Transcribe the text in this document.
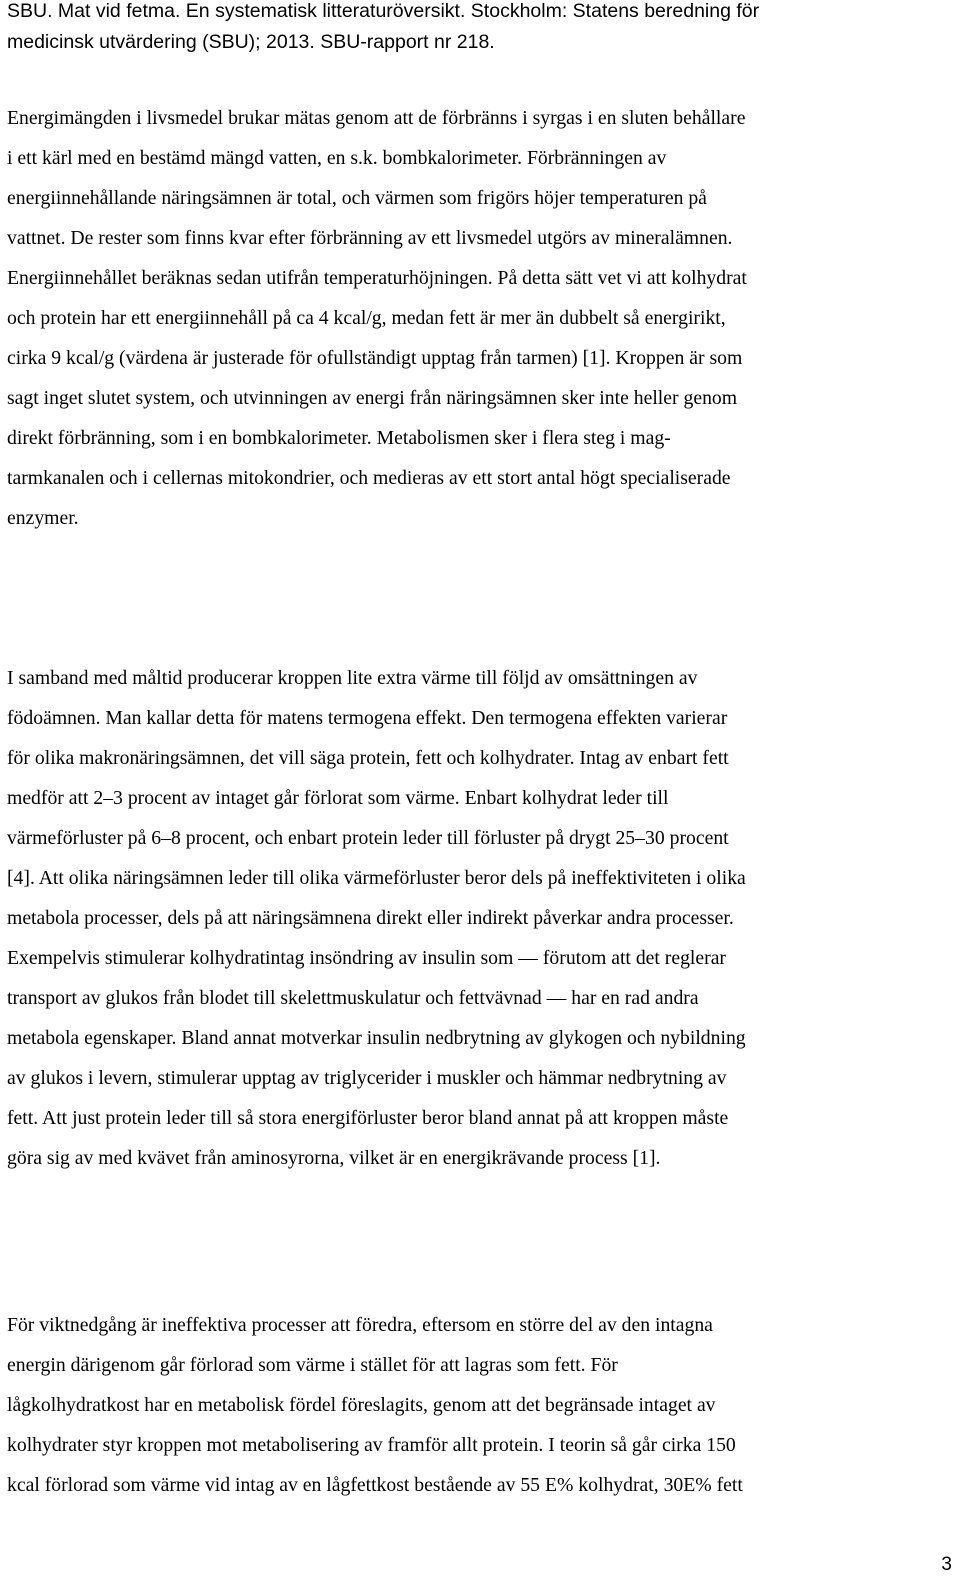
SBU. Mat vid fetma. En systematisk litteraturöversikt. Stockholm: Statens beredning för

medicinsk utvärdering (SBU); 2013. SBU-rapport nr 218.

Energimängden i livsmedel brukar mätas genom att de förbränns i syrgas i en sluten behållare
i ett kärl med en bestämd mängd vatten, en s.k. bombkalorimeter. Förbränningen av
energiinnehållande näringsämnen är total, och värmen som frigörs höjer temperaturen på
vattnet. De rester som finns kvar efter förbränning av ett livsmedel utgörs av mineralämnen.
Energiinnehållet beräknas sedan utifrån temperaturhöjningen. På detta sätt vet vi att kolhydrat
och protein har ett energiinnehåll på ca 4 kcal/g, medan fett är mer än dubbelt så energirikt,
cirka 9 kcal/g (värdena är justerade för ofullständigt upptag från tarmen) [1]. Kroppen är som
sagt inget slutet system, och utvinningen av energi från näringsämnen sker inte heller genom
direkt förbränning, som i en bombkalorimeter. Metabolismen sker i flera steg i mag-
tarmkanalen och i cellernas mitokondrier, och medieras av ett stort antal högt specialiserade
enzymer.
I samband med måltid producerar kroppen lite extra värme till följd av omsättningen av
födoämnen. Man kallar detta för matens termogena effekt. Den termogena effekten varierar
för olika makronäringsämnen, det vill säga protein, fett och kolhydrater. Intag av enbart fett
medför att 2–3 procent av intaget går förlorat som värme. Enbart kolhydrat leder till
värmeförluster på 6–8 procent, och enbart protein leder till förluster på drygt 25–30 procent
[4]. Att olika näringsämnen leder till olika värmeförluster beror dels på ineffektiviteten i olika
metabola processer, dels på att näringsämnena direkt eller indirekt påverkar andra processer.
Exempelvis stimulerar kolhydratintag insöndring av insulin som — förutom att det reglerar
transport av glukos från blodet till skelettmuskulatur och fettvävnad — har en rad andra
metabola egenskaper. Bland annat motverkar insulin nedbrytning av glykogen och nybildning
av glukos i levern, stimulerar upptag av triglycerider i muskler och hämmar nedbrytning av
fett. Att just protein leder till så stora energiförluster beror bland annat på att kroppen måste
göra sig av med kvävet från aminosyrorna, vilket är en energikrävande process [1].
För viktnedgång är ineffektiva processer att föredra, eftersom en större del av den intagna
energin därigenom går förlorad som värme i stället för att lagras som fett. För
lågkolhydratkost har en metabolisk fördel föreslagits, genom att det begränsade intaget av
kolhydrater styr kroppen mot metabolisering av framför allt protein. I teorin så går cirka 150
kcal förlorad som värme vid intag av en lågfettkost bestående av 55 E% kolhydrat, 30E% fett
3
